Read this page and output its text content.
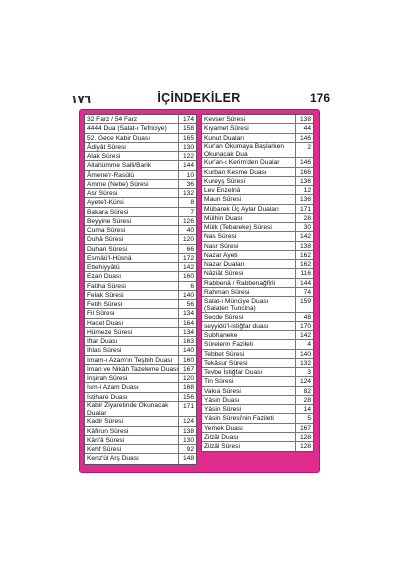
١٧٦	İÇİNDEKİLER	176
32 Farz / 54 Farz	174
4444 Dua (Salat-ı Tefriciye)	158
52. Gece Kabir Duası	165
Âdiyât Sûresi	130
Alak Sûresi	122
Allahümme Salli/Barik	144
Âmene'r-Rasûlü	10
Amme (Nebe) Sûresi	36
Asr Sûresi	132
Ayete'l-Kürsi	8
Bakara Sûresi	7
Beyyine Sûresi	126
Cuma Sûresi	40
Duhâ Sûresi	120
Duhan Sûresi	66
Esmâü'l-Hüsnâ	172
Ettehiyyâtü	142
Ezan Duası	160
Fatiha Sûresi	6
Felak Sûresi	140
Fetih Sûresi	56
Fil Sûresi	134
Hacet Duası	164
Hümeze Sûresi	134
İftar Duası	163
İhlas Sûresi	140
İmam-ı Azam'ın Teşbih Duası	160
İman ve Nikâh Tazeleme Duası 167
İnşirah Sûresi	120
İsm-i Azam Duası	168
İstihare Duası	156
Kabir Ziyaretinde Okunacak Dualar
171
Kadir Sûresi	124
Kâfirun Sûresi	138
Kâri'â Sûresi	130
Kehf Sûresi	92
Kenz'ül Arş Duası	148
Kevser Sûresi	138
Kıyamet Sûresi	44
Kunut Duaları	146
Kur'an Okumaya Başlarken Okunacak Dua
2
Kur'an-ı Kerim'den Dualar	146
Kurban Kesme Duası	166
Kureyş Sûresi	136
Lev Enzelnâ	12
Maun Sûresi	136
Mübarek Üç Aylar Duaları	171
Mülhin Duası	28
Mülk (Tebareke) Sûresi	30
Nas Sûresi	142
Nasr Sûresi	138
Nazar Ayeti	162
Nazar Duaları	162
Nâziât Sûresi	116
Rabbenâ / Rabbenağfirli	144
Rahman Sûresi	74
Salat-ı Münciye Duası (Salaten Tuncina)
159
Secde Sûresi	48
seyyidü'l-istiğfar duası	170
Subhaneke	142
Sûrelerin Fazileti	4
Tebbet Sûresi	140
Tekâsur Sûresi	132
Tevbe İstiğfar Duası	3
Tin Sûresi	124
Vakıa Sûresi	82
Yâsin Duası	28
Yâsin Sûresi	14
Yâsin Sûresi'nin Fazileti	5
Yemek Duası	167
Zilzâl Duası	128
Zilzâl Sûresi	128
